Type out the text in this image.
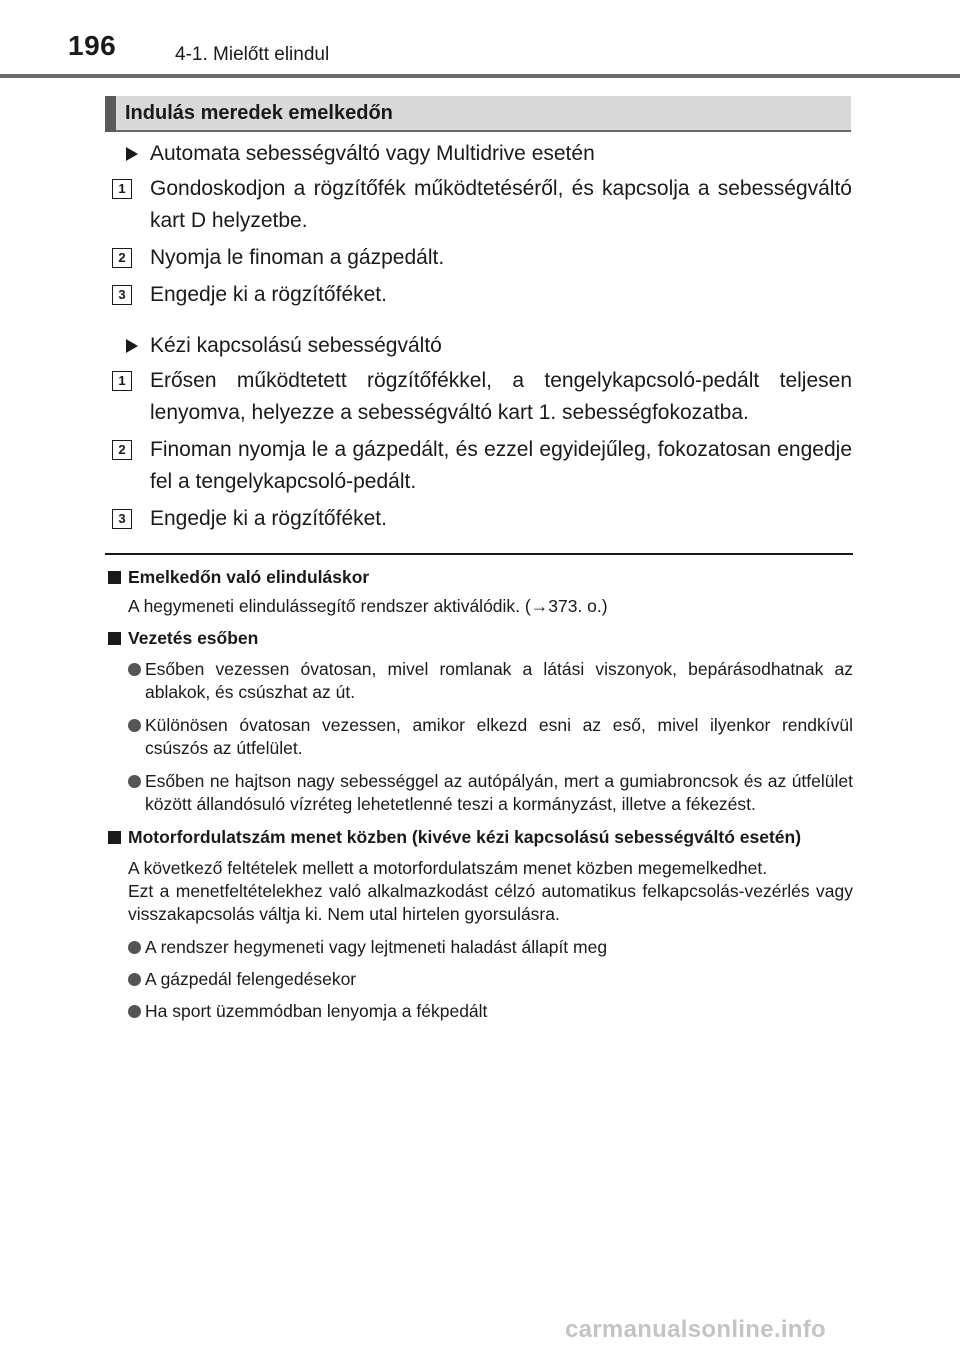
196	4-1. Mielőtt elindul
Indulás meredek emelkedőn

Automata sebességváltó vagy Multidrive esetén

1	Gondoskodjon a rögzítőfék működtetéséről, és kapcsolja a sebességváltó kart D helyzetbe.
2	Nyomja le finoman a gázpedált.
3	Engedje ki a rögzítőféket.

Kézi kapcsolású sebességváltó

1	Erősen működtetett rögzítőfékkel, a tengelykapcsoló-pedált teljesen lenyomva, helyezze a sebességváltó kart 1. sebességfokozatba.
2	Finoman nyomja le a gázpedált, és ezzel egyidejűleg, fokozatosan engedje fel a tengelykapcsoló-pedált.
3	Engedje ki a rögzítőféket.
Emelkedőn való elinduláskor
A hegymeneti elindulássegítő rendszer aktiválódik. (→373. o.)
Vezetés esőben
Esőben vezessen óvatosan, mivel romlanak a látási viszonyok, bepárásodhatnak az ablakok, és csúszhat az út.
Különösen óvatosan vezessen, amikor elkezd esni az eső, mivel ilyenkor rendkívül csúszós az útfelület.
Esőben ne hajtson nagy sebességgel az autópályán, mert a gumiabroncsok és az útfelület között állandósuló vízréteg lehetetlenné teszi a kormányzást, illetve a fékezést.
Motorfordulatszám menet közben (kivéve kézi kapcsolású sebességváltó esetén)
A következő feltételek mellett a motorfordulatszám menet közben megemelkedhet.
Ezt a menetfeltételekhez való alkalmazkodást célzó automatikus felkapcsolás-vezérlés vagy visszakapcsolás váltja ki. Nem utal hirtelen gyorsulásra.
A rendszer hegymeneti vagy lejtmeneti haladást állapít meg
A gázpedál felengedésekor
Ha sport üzemmódban lenyomja a fékpedált
carmanualsonline.info
